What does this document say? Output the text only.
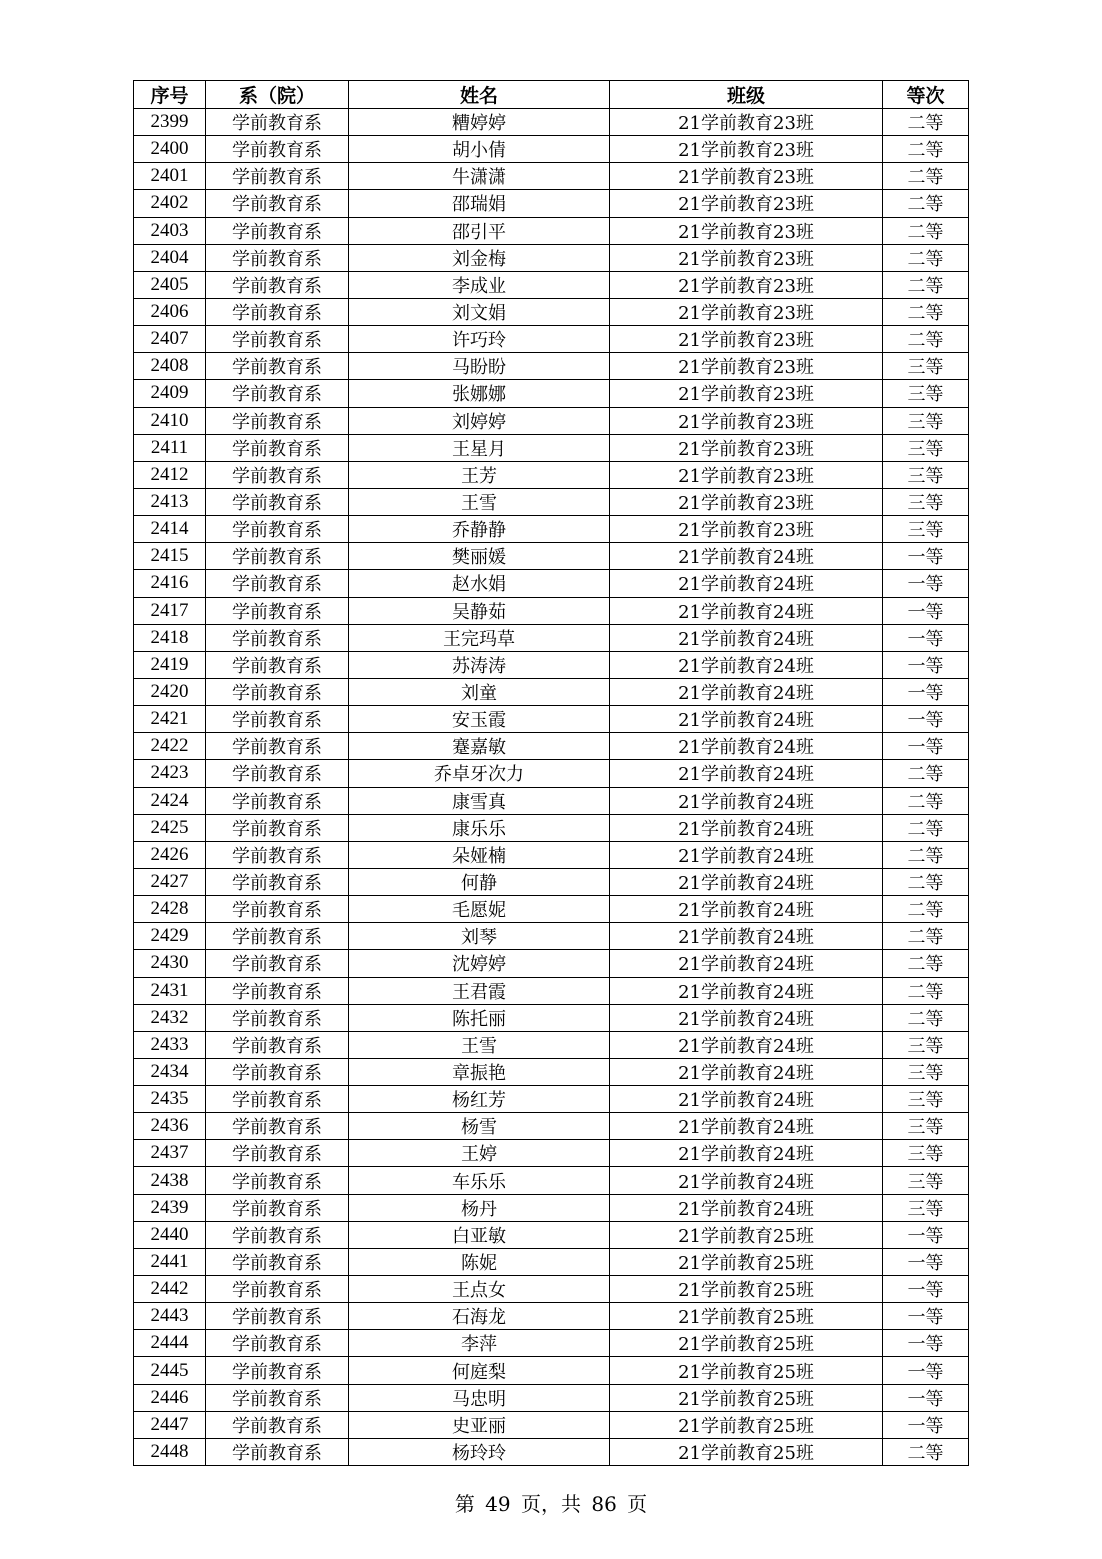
序号	系（院）	姓名	班级	等次
2399	学前教育系	糟婷婷	21学前教育23班	二等
2400	学前教育系	胡小倩	21学前教育23班	二等
2401	学前教育系	牛潇潇	21学前教育23班	二等
2402	学前教育系	邵瑞娟	21学前教育23班	二等
2403	学前教育系	邵引平	21学前教育23班	二等
2404	学前教育系	刘金梅	21学前教育23班	二等
2405	学前教育系	李成业	21学前教育23班	二等
2406	学前教育系	刘文娟	21学前教育23班	二等
2407	学前教育系	许巧玲	21学前教育23班	二等
2408	学前教育系	马盼盼	21学前教育23班	三等
2409	学前教育系	张娜娜	21学前教育23班	三等
2410	学前教育系	刘婷婷	21学前教育23班	三等
2411	学前教育系	王星月	21学前教育23班	三等
2412	学前教育系	王芳	21学前教育23班	三等
2413	学前教育系	王雪	21学前教育23班	三等
2414	学前教育系	乔静静	21学前教育23班	三等
2415	学前教育系	樊丽媛	21学前教育24班	一等
2416	学前教育系	赵水娟	21学前教育24班	一等
2417	学前教育系	吴静茹	21学前教育24班	一等
2418	学前教育系	王完玛草	21学前教育24班	一等
2419	学前教育系	苏涛涛	21学前教育24班	一等
2420	学前教育系	刘童	21学前教育24班	一等
2421	学前教育系	安玉霞	21学前教育24班	一等
2422	学前教育系	蹇嘉敏	21学前教育24班	一等
2423	学前教育系	乔卓牙次力	21学前教育24班	二等
2424	学前教育系	康雪真	21学前教育24班	二等
2425	学前教育系	康乐乐	21学前教育24班	二等
2426	学前教育系	朵娅楠	21学前教育24班	二等
2427	学前教育系	何静	21学前教育24班	二等
2428	学前教育系	毛愿妮	21学前教育24班	二等
2429	学前教育系	刘琴	21学前教育24班	二等
2430	学前教育系	沈婷婷	21学前教育24班	二等
2431	学前教育系	王君霞	21学前教育24班	二等
2432	学前教育系	陈托丽	21学前教育24班	二等
2433	学前教育系	王雪	21学前教育24班	三等
2434	学前教育系	章振艳	21学前教育24班	三等
2435	学前教育系	杨红芳	21学前教育24班	三等
2436	学前教育系	杨雪	21学前教育24班	三等
2437	学前教育系	王婷	21学前教育24班	三等
2438	学前教育系	车乐乐	21学前教育24班	三等
2439	学前教育系	杨丹	21学前教育24班	三等
2440	学前教育系	白亚敏	21学前教育25班	一等
2441	学前教育系	陈妮	21学前教育25班	一等
2442	学前教育系	王点女	21学前教育25班	一等
2443	学前教育系	石海龙	21学前教育25班	一等
2444	学前教育系	李萍	21学前教育25班	一等
2445	学前教育系	何庭梨	21学前教育25班	一等
2446	学前教育系	马忠明	21学前教育25班	一等
2447	学前教育系	史亚丽	21学前教育25班	一等
2448	学前教育系	杨玲玲	21学前教育25班	二等
第 49 页，共 86 页
